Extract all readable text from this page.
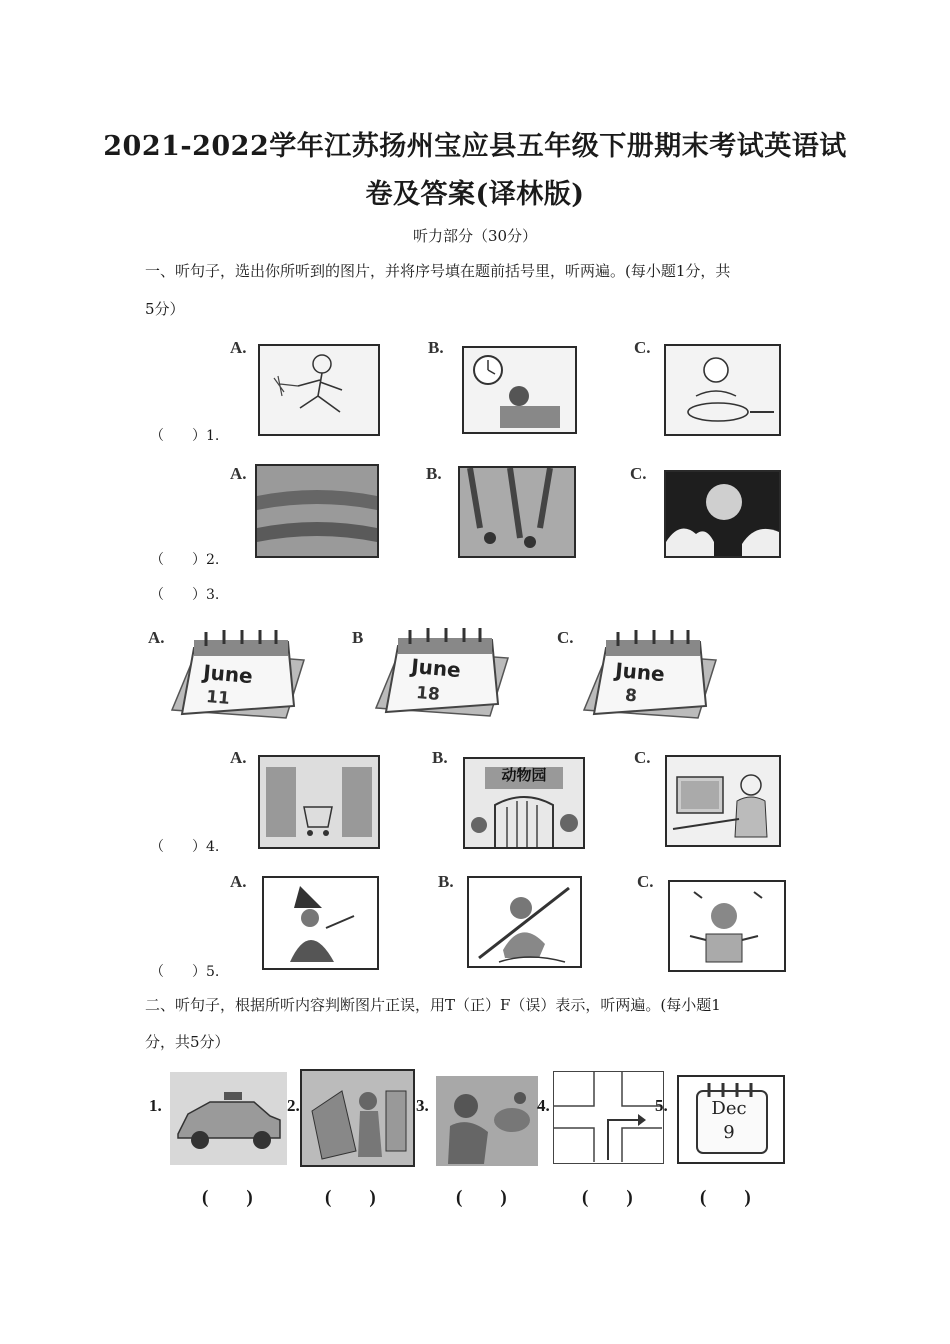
2021-2022学年江苏扬州宝应县五年级下册期末考试英语试
卷及答案(译林版)
听力部分（30分）
一、听句子，选出你所听到的图片，并将序号填在题前括号里，听两遍。(每小题1分，共
5分）
A.	B.	C.
（　　）1.
A.	B.	C.
（　　）2.
（　　）3.
A.	B	C.
June
11
June
18
June
8
A.	B.
动物园
C.
（　　）4.
A.	B.	C.
（　　）5.
二、听句子，根据所听内容判断图片正误，用T（正）F（误）表示，听两遍。(每小题1
分，共5分）
1.
(　　)
2.
(　　)
3.
(　　)
4.
(　　)
5.	Dec
9
(　　)
